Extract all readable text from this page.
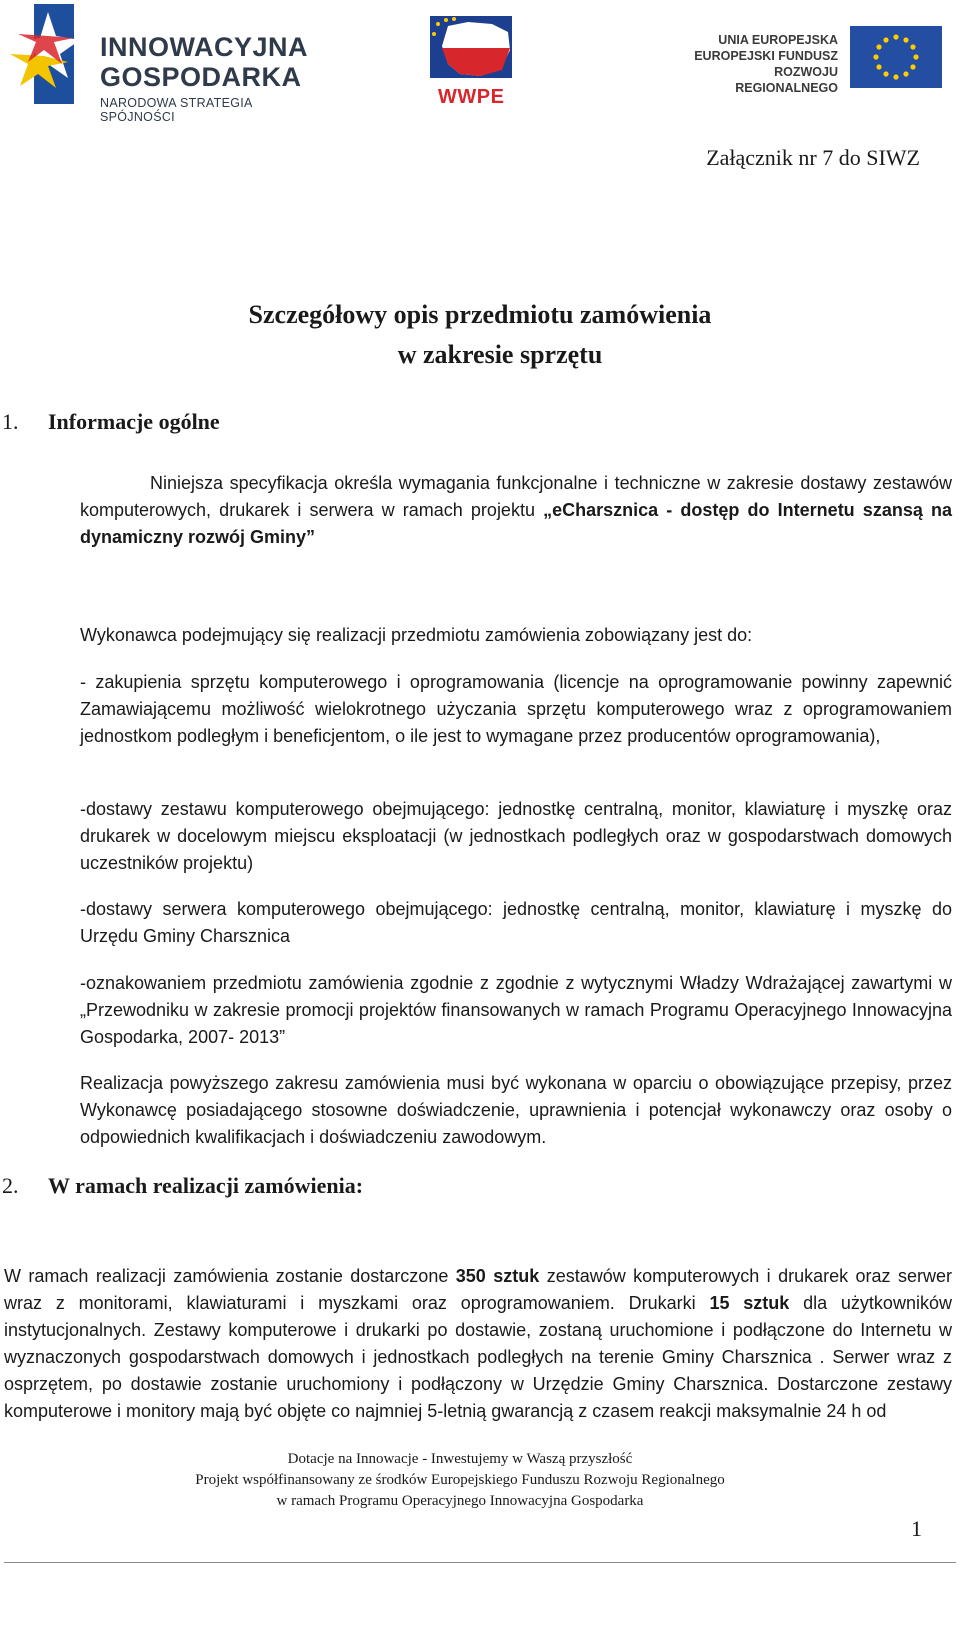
INNOWACYJNA
GOSPODARKA
NARODOWA STRATEGIA SPÓJNOŚCI
WWPE
UNIA EUROPEJSKA
EUROPEJSKI FUNDUSZ
ROZWOJU REGIONALNEGO
Załącznik nr 7 do SIWZ
Szczegółowy opis przedmiotu zamówienia
w zakresie sprzętu
1. Informacje ogólne
Niniejsza specyfikacja określa wymagania funkcjonalne i techniczne w zakresie dostawy zestawów komputerowych, drukarek i serwera w ramach projektu „eCharsznica - dostęp do Internetu szansą na dynamiczny rozwój Gminy”
Wykonawca podejmujący się realizacji przedmiotu zamówienia zobowiązany jest do:
- zakupienia sprzętu komputerowego i oprogramowania (licencje na oprogramowanie powinny zapewnić Zamawiającemu możliwość wielokrotnego użyczania sprzętu komputerowego wraz z oprogramowaniem jednostkom podległym i beneficjentom, o ile jest to wymagane przez producentów oprogramowania),
-dostawy zestawu komputerowego obejmującego: jednostkę centralną, monitor, klawiaturę i myszkę oraz drukarek w docelowym miejscu eksploatacji (w jednostkach podległych oraz w gospodarstwach domowych uczestników projektu)
-dostawy serwera komputerowego obejmującego: jednostkę centralną, monitor, klawiaturę i myszkę do Urzędu Gminy Charsznica
-oznakowaniem przedmiotu zamówienia zgodnie z zgodnie z wytycznymi Władzy Wdrażającej zawartymi w „Przewodniku w zakresie promocji projektów finansowanych w ramach Programu Operacyjnego Innowacyjna Gospodarka, 2007- 2013”
Realizacja powyższego zakresu zamówienia musi być wykonana w oparciu o obowiązujące przepisy, przez Wykonawcę posiadającego stosowne doświadczenie, uprawnienia i potencjał wykonawczy oraz osoby o odpowiednich kwalifikacjach i doświadczeniu zawodowym.
2. W ramach realizacji zamówienia:
W ramach realizacji zamówienia zostanie dostarczone 350 sztuk zestawów komputerowych i drukarek oraz serwer wraz z monitorami, klawiaturami i myszkami oraz oprogramowaniem. Drukarki 15 sztuk dla użytkowników instytucjonalnych. Zestawy komputerowe i drukarki po dostawie, zostaną uruchomione i podłączone do Internetu w wyznaczonych gospodarstwach domowych i jednostkach podległych na terenie Gminy Charsznica . Serwer wraz z osprzętem, po dostawie zostanie uruchomiony i podłączony w Urzędzie Gminy Charsznica. Dostarczone zestawy komputerowe i monitory mają być objęte co najmniej 5-letnią gwarancją z czasem reakcji maksymalnie 24 h od
Dotacje na Innowacje - Inwestujemy w Waszą przyszłość
Projekt współfinansowany ze środków Europejskiego Funduszu Rozwoju Regionalnego
w ramach Programu Operacyjnego Innowacyjna Gospodarka
1
